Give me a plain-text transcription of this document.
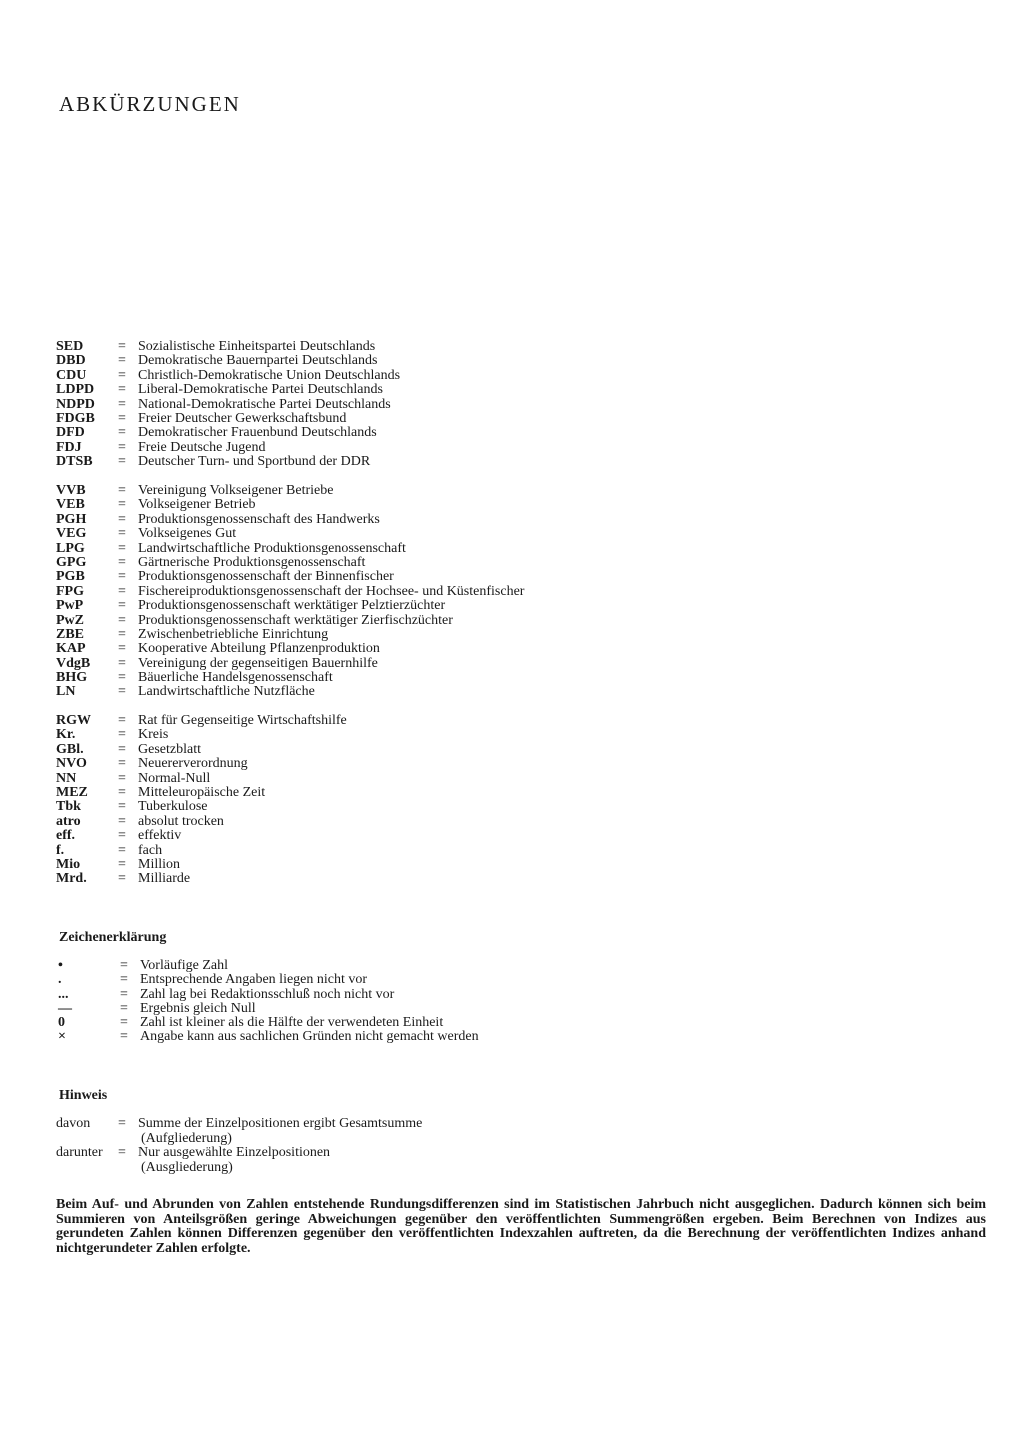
ABKÜRZUNGEN
SED	= Sozialistische Einheitspartei Deutschlands
DBD	= Demokratische Bauernpartei Deutschlands
CDU	= Christlich-Demokratische Union Deutschlands
LDPD	= Liberal-Demokratische Partei Deutschlands
NDPD	= National-Demokratische Partei Deutschlands
FDGB	= Freier Deutscher Gewerkschaftsbund
DFD	= Demokratischer Frauenbund Deutschlands
FDJ	= Freie Deutsche Jugend
DTSB	= Deutscher Turn- und Sportbund der DDR
VVB	= Vereinigung Volkseigener Betriebe
VEB	= Volkseigener Betrieb
PGH	= Produktionsgenossenschaft des Handwerks
VEG	= Volkseigenes Gut
LPG	= Landwirtschaftliche Produktionsgenossenschaft
GPG	= Gärtnerische Produktionsgenossenschaft
PGB	= Produktionsgenossenschaft der Binnenfischer
FPG	= Fischereiproduktionsgenossenschaft der Hochsee- und Küstenfischer
PwP	= Produktionsgenossenschaft werktätiger Pelztierzüchter
PwZ	= Produktionsgenossenschaft werktätiger Zierfischzüchter
ZBE	= Zwischenbetriebliche Einrichtung
KAP	= Kooperative Abteilung Pflanzenproduktion
VdgB	= Vereinigung der gegenseitigen Bauernhilfe
BHG	= Bäuerliche Handelsgenossenschaft
LN	= Landwirtschaftliche Nutzfläche
RGW	= Rat für Gegenseitige Wirtschaftshilfe
Kr.	= Kreis
GBl.	= Gesetzblatt
NVO	= Neuererverordnung
NN	= Normal-Null
MEZ	= Mitteleuropäische Zeit
Tbk	= Tuberkulose
atro	= absolut trocken
eff.	= effektiv
f.	= fach
Mio	= Million
Mrd.	= Milliarde
Zeichenerklärung
•	= Vorläufige Zahl
.	= Entsprechende Angaben liegen nicht vor
...	= Zahl lag bei Redaktionsschluß noch nicht vor
—	= Ergebnis gleich Null
0	= Zahl ist kleiner als die Hälfte der verwendeten Einheit
×	= Angabe kann aus sachlichen Gründen nicht gemacht werden
Hinweis
davon	= Summe der Einzelpositionen ergibt Gesamtsumme
(Aufgliederung)
darunter	= Nur ausgewählte Einzelpositionen
(Ausgliederung)

Beim Auf- und Abrunden von Zahlen entstehende Rundungsdifferenzen sind im Statistischen Jahrbuch nicht ausgeglichen. Dadurch können sich beim Summieren von Anteilsgrößen geringe Abweichungen gegenüber den veröffentlichten Summengrößen ergeben. Beim Berechnen von Indizes aus gerundeten Zahlen können Differenzen gegenüber den veröffentlichten Indexzahlen auftreten, da die Berechnung der veröffentlichten Indizes anhand nichtgerundeter Zahlen erfolgte.
